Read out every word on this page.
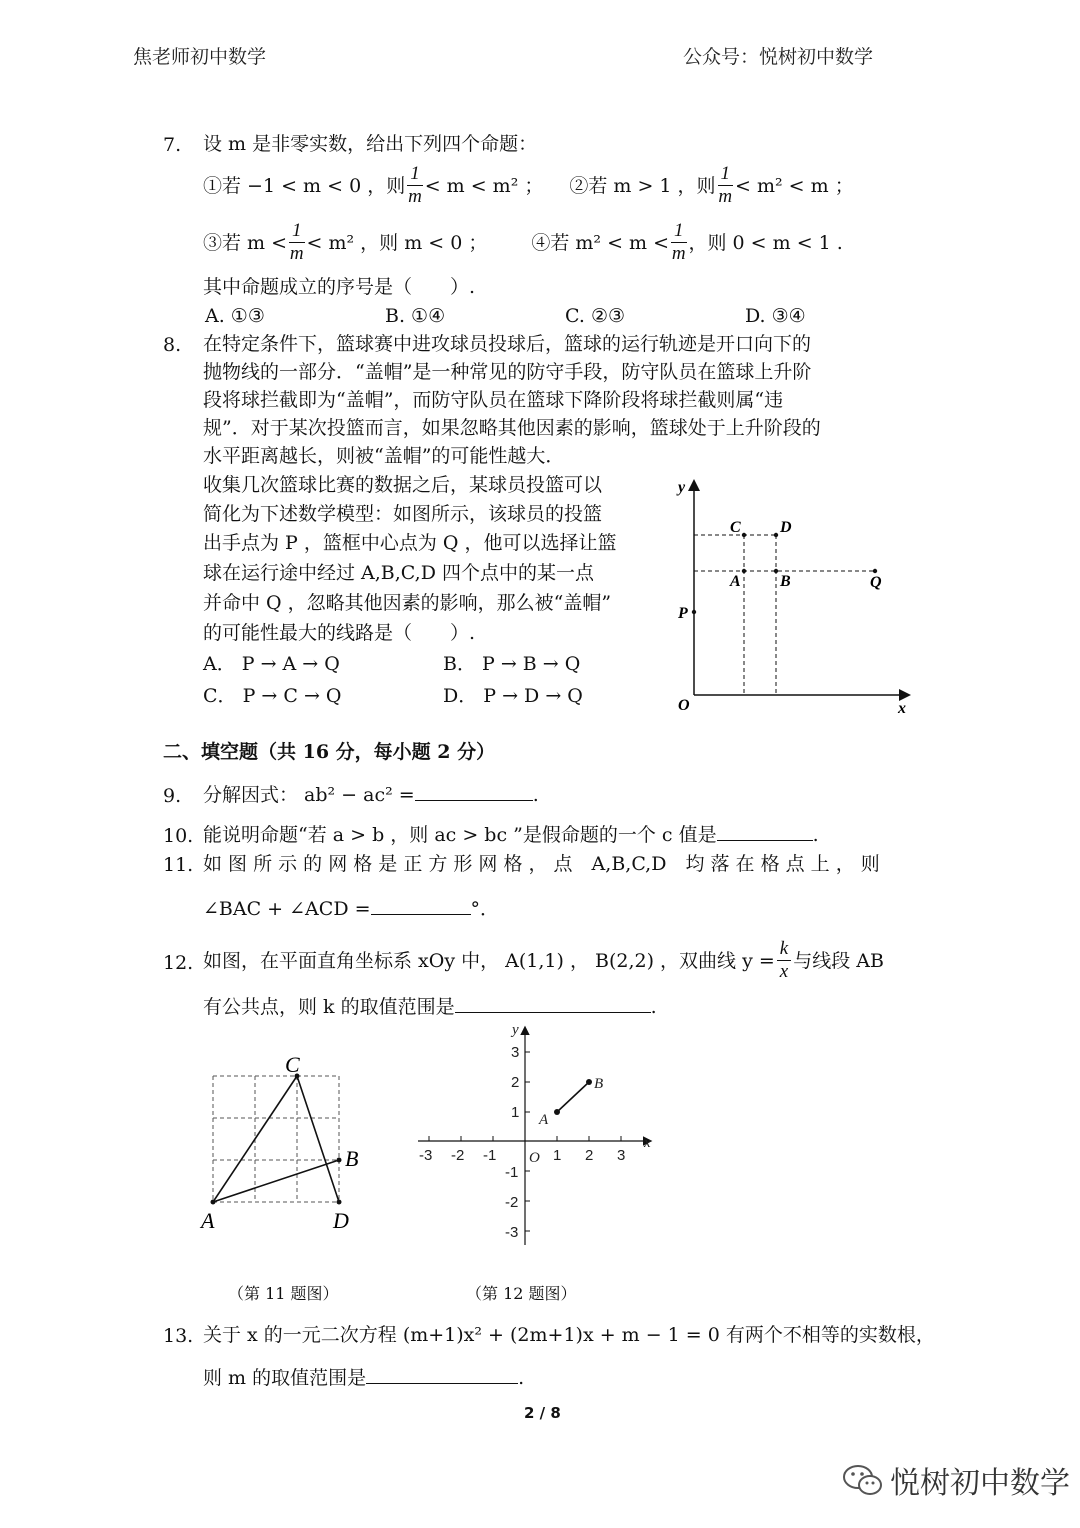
焦老师初中数学	公众号：悦树初中数学
7. 设 m 是非零实数，给出下列四个命题：
①若 −1 < m < 0 ，则 $\frac{1}{m} < m < m^2$ ； ②若 m > 1 ，则 $\frac{1}{m} < m^2 < m$ ；
③若 $m < \frac{1}{m} < m^2$ ，则 m < 0 ； ④若 $m^2 < m < \frac{1}{m}$ ，则 0 < m < 1 .
其中命题成立的序号是（　　）.
A. ①③	B. ①④	C. ②③	D. ③④
8. 在特定条件下，篮球赛中进攻球员投球后，篮球的运行轨迹是开口向下的
抛物线的一部分．“盖帽”是一种常见的防守手段，防守队员在篮球上升阶
段将球拦截即为“盖帽”，而防守队员在篮球下降阶段将球拦截则属“违
规”．对于某次投篮而言，如果忽略其他因素的影响，篮球处于上升阶段的
水平距离越长，则被“盖帽”的可能性越大．
收集几次篮球比赛的数据之后，某球员投篮可以
简化为下述数学模型：如图所示，该球员的投篮
出手点为 P ，篮框中心点为 Q ，他可以选择让篮
球在运行途中经过 A,B,C,D 四个点中的某一点
并命中 Q ，忽略其他因素的影响，那么被“盖帽”
的可能性最大的线路是（　　）.
A． P → A → Q	B． P → B → Q
C． P → C → Q	D． P → D → Q
y
x
O
P
C D
A B	Q
二、填空题（共 16 分，每小题 2 分）
9. 分解因式： ab² − ac² =	.
10. 能说明命题“若 a > b ，则 ac > bc ”是假命题的一个 c 值是	.
11. 如 图 所 示 的 网 格 是 正 方 形 网 格 ， 点　A,B,C,D　均 落 在 格 点 上 ， 则
∠BAC + ∠ACD =	°．
12. 如图，在平面直角坐标系 xOy 中， A(1,1) ， B(2,2) ，双曲线 $y = \frac{k}{x}$ 与线段 AB
有公共点，则 k 的取值范围是	.
A
C
B
D
-3 -2 -1	1 2 3
3
2
1
-1
-2
-3
x
y
O
A
B
（第 11 题图）	（第 12 题图）
13. 关于 x 的一元二次方程 (m+1)x² + (2m+1)x + m − 1 = 0 有两个不相等的实数根，
则 m 的取值范围是	.
2 / 8
悦树初中数学
